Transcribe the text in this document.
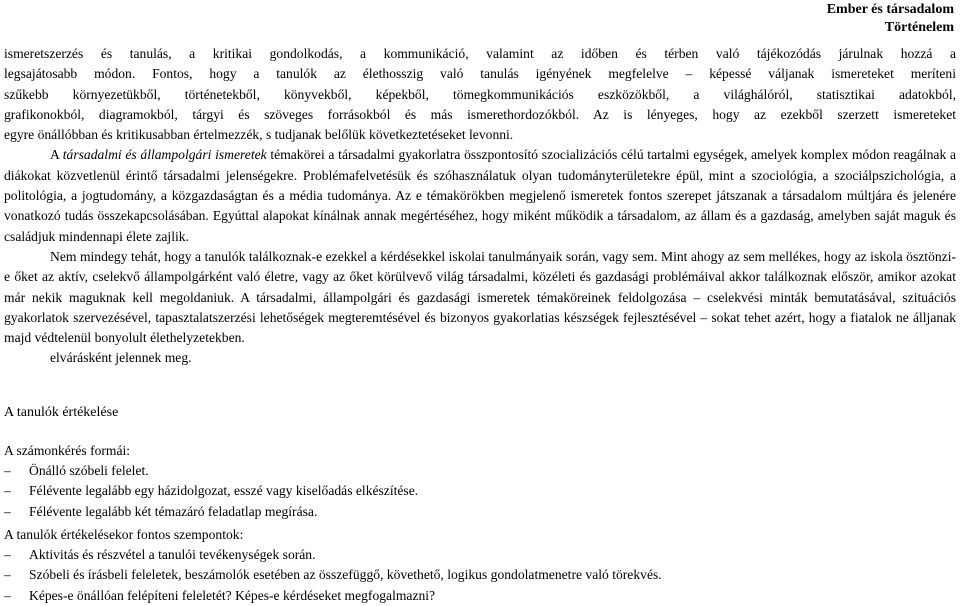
Ember és társadalom
Történelem

ismeretszerzés és tanulás, a kritikai gondolkodás, a kommunikáció, valamint az időben és térben való tájékozódás járulnak hozzá a

legsajátosabb módon. Fontos, hogy a tanulók az élethosszig való tanulás igényének megfelelve – képessé váljanak ismereteket meríteni

szűkebb környezetükből, történetekből, könyvekből, képekből, tömegkommunikációs eszközökből, a világhálóról, statisztikai adatokból,

grafikonokból, diagramokból, tárgyi és szöveges forrásokból és más ismerethordozókból. Az is lényeges, hogy az ezekből szerzett ismereteket

egyre önállóbban és kritikusabban értelmezzék, s tudjanak belőlük következtetéseket levonni.

A társadalmi és állampolgári ismeretek témakörei a társadalmi gyakorlatra összpontosító szocializációs célú tartalmi egységek, amelyek komplex módon reagálnak a diákokat közvetlenül érintő társadalmi jelenségekre. Problémafelvetésük és szóhasználatuk olyan tudományterületekre épül, mint a szociológia, a szociálpszichológia, a politológia, a jogtudomány, a közgazdaságtan és a média tudománya. Az e témakörökben megjelenő ismeretek fontos szerepet játszanak a társadalom múltjára és jelenére vonatkozó tudás összekapcsolásában. Egyúttal alapokat kínálnak annak megértéséhez, hogy miként működik a társadalom, az állam és a gazdaság, amelyben saját maguk és családjuk mindennapi élete zajlik.

Nem mindegy tehát, hogy a tanulók találkoznak-e ezekkel a kérdésekkel iskolai tanulmányaik során, vagy sem. Mint ahogy az sem mellékes, hogy az iskola ösztönzi-e őket az aktív, cselekvő állampolgárként való életre, vagy az őket körülvevő világ társadalmi, közéleti és gazdasági problémáival akkor találkoznak először, amikor azokat már nekik maguknak kell megoldaniuk. A társadalmi, állampolgári és gazdasági ismeretek témaköreinek feldolgozása – cselekvési minták bemutatásával, szituációs gyakorlatok szervezésével, tapasztalatszerzési lehetőségek megteremtésével és bizonyos gyakorlatias készségek fejlesztésével – sokat tehet azért, hogy a fiatalok ne álljanak majd védtelenül bonyolult élethelyzetekben.

elvárásként jelennek meg.

A tanulók értékelése

A számonkérés formái:

– Önálló szóbeli felelet.
– Félévente legalább egy házidolgozat, esszé vagy kiselőadás elkészítése.
– Félévente legalább két témazáró feladatlap megírása.

A tanulók értékelésekor fontos szempontok:

– Aktivitás és részvétel a tanulói tevékenységek során.
– Szóbeli és írásbeli feleletek, beszámolók esetében az összefüggő, követhető, logikus gondolatmenetre való törekvés.
– Képes-e önállóan felépíteni feleletét? Képes-e kérdéseket megfogalmazni?
